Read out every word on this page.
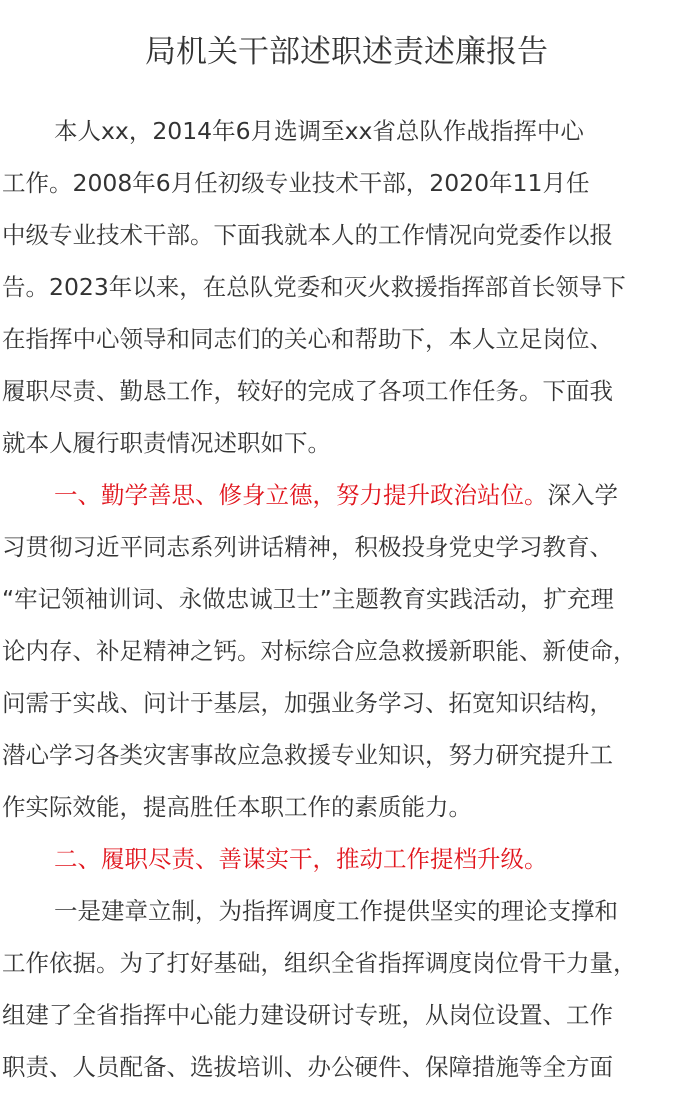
局机关干部述职述责述廉报告
本人xx，2014年6月选调至xx省总队作战指挥中心
工作。2008年6月任初级专业技术干部，2020年11月任
中级专业技术干部。下面我就本人的工作情况向党委作以报
告。2023年以来，在总队党委和灭火救援指挥部首长领导下
在指挥中心领导和同志们的关心和帮助下，本人立足岗位、
履职尽责、勤恳工作，较好的完成了各项工作任务。下面我
就本人履行职责情况述职如下。
一、勤学善思、修身立德，努力提升政治站位。深入学
习贯彻习近平同志系列讲话精神，积极投身党史学习教育、
“牢记领袖训词、永做忠诚卫士”主题教育实践活动，扩充理
论内存、补足精神之钙。对标综合应急救援新职能、新使命，
问需于实战、问计于基层，加强业务学习、拓宽知识结构，
潜心学习各类灾害事故应急救援专业知识，努力研究提升工
作实际效能，提高胜任本职工作的素质能力。
二、履职尽责、善谋实干，推动工作提档升级。
一是建章立制，为指挥调度工作提供坚实的理论支撑和
工作依据。为了打好基础，组织全省指挥调度岗位骨干力量，
组建了全省指挥中心能力建设研讨专班，从岗位设置、工作
职责、人员配备、选拔培训、办公硬件、保障措施等全方面
